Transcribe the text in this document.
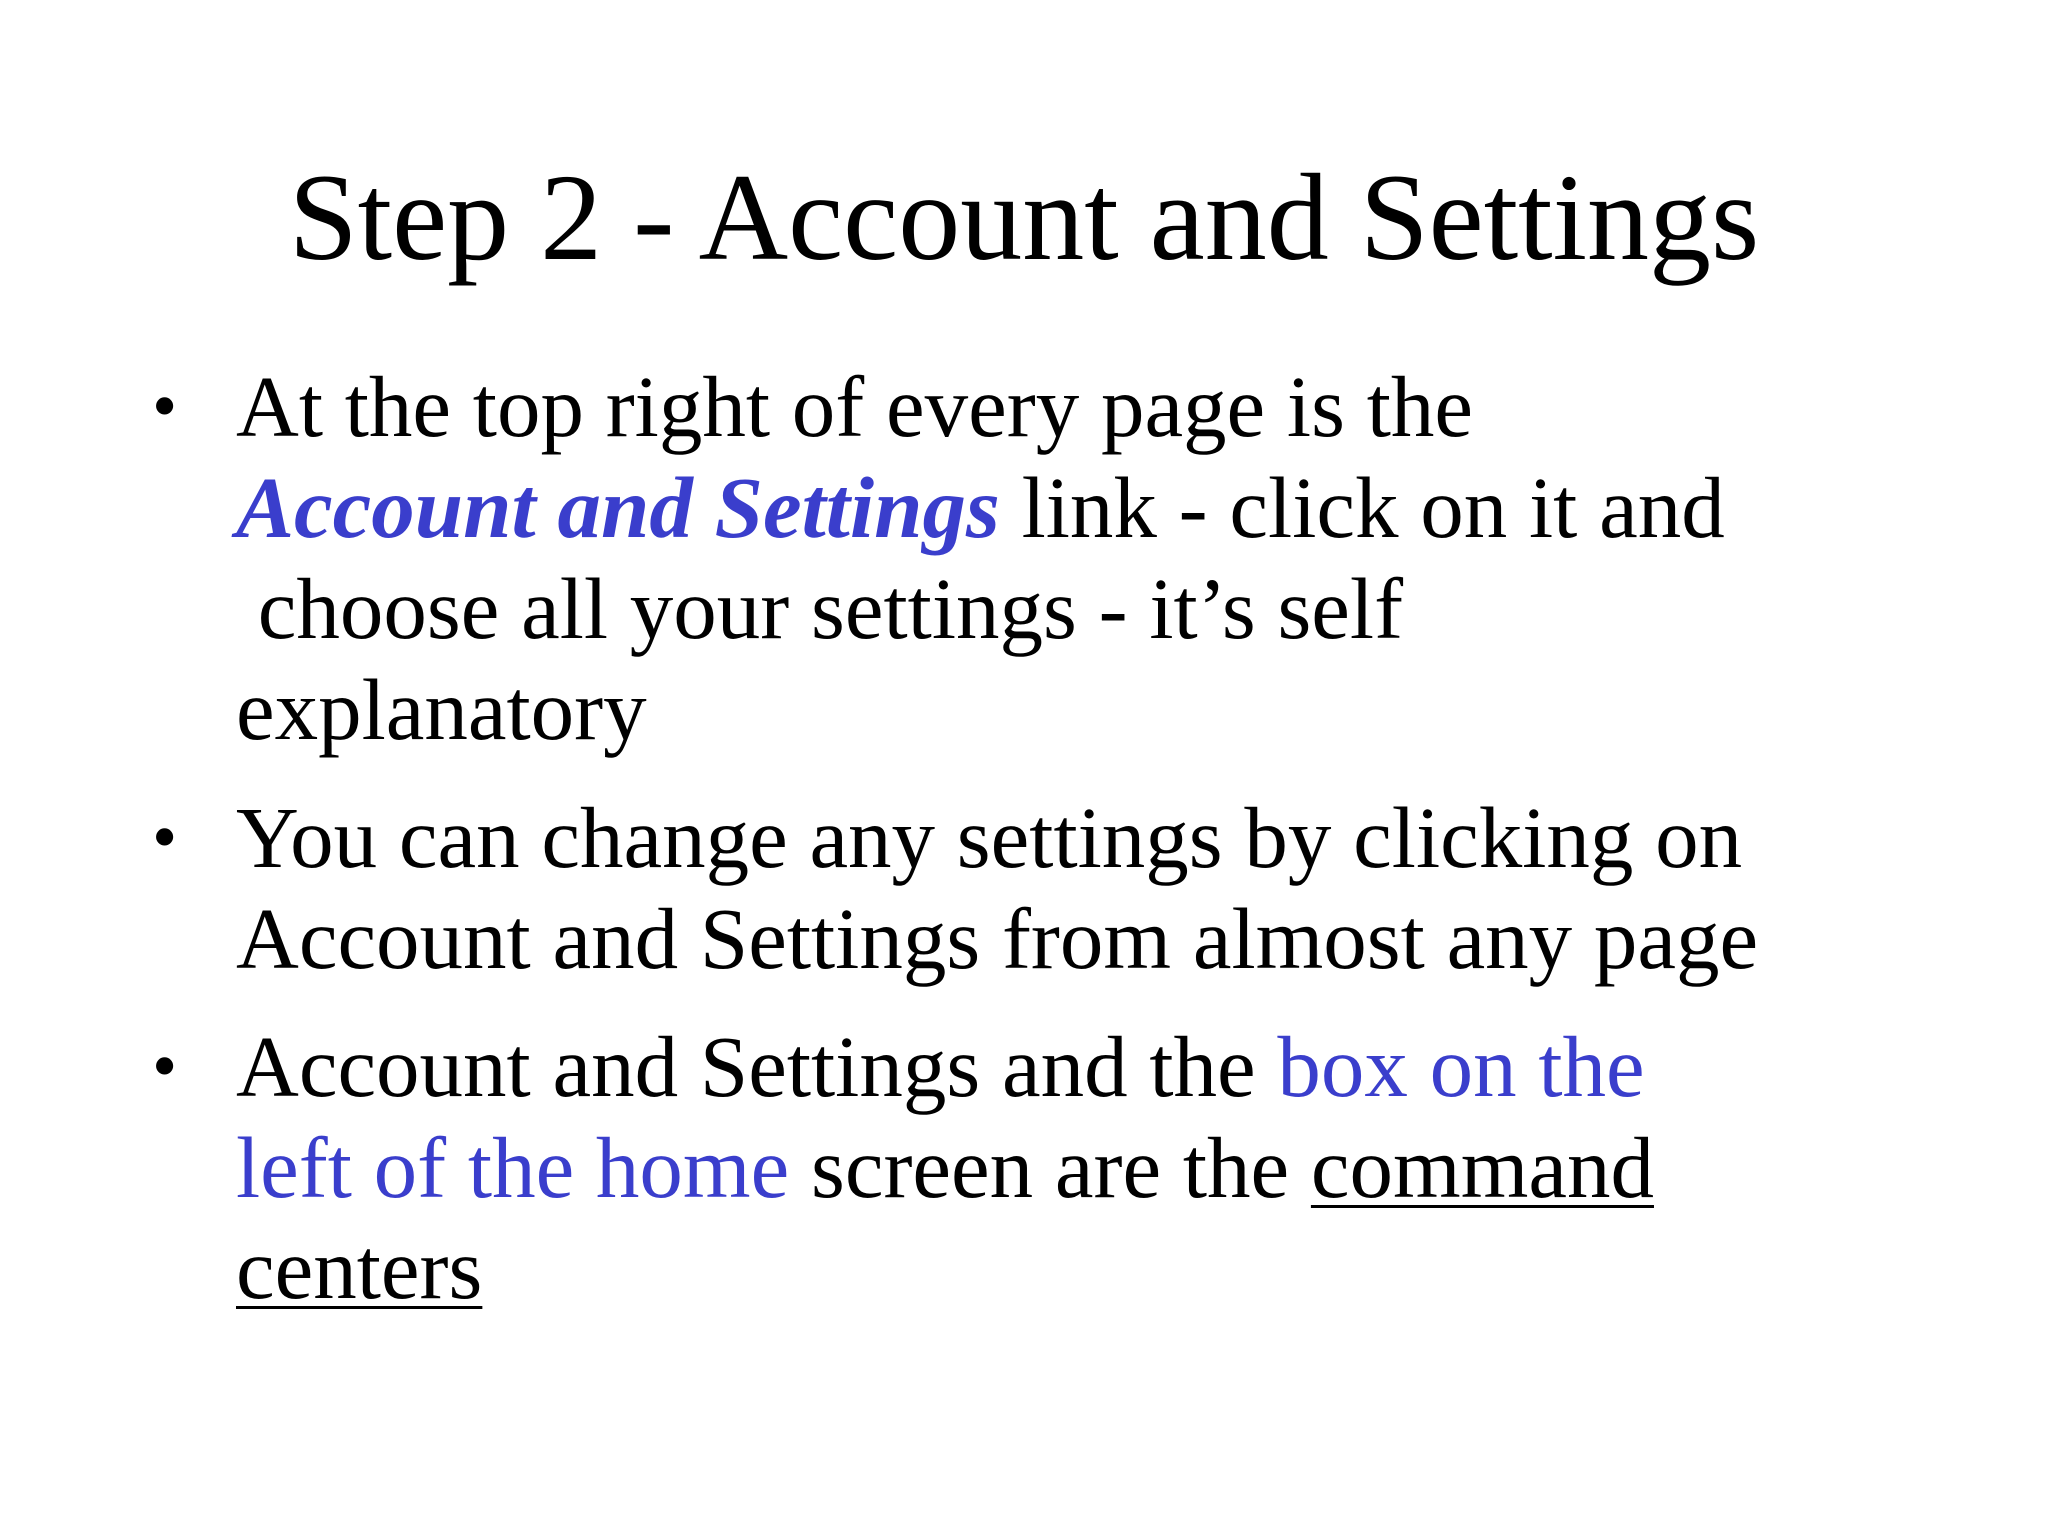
Step 2 - Account and Settings
• At the top right of every page is the
Account and Settings link - click on it and
choose all your settings - it’s self
explanatory
• You can change any settings by clicking on
Account and Settings from almost any page
• Account and Settings and the box on the
left of the home screen are the command
centers
